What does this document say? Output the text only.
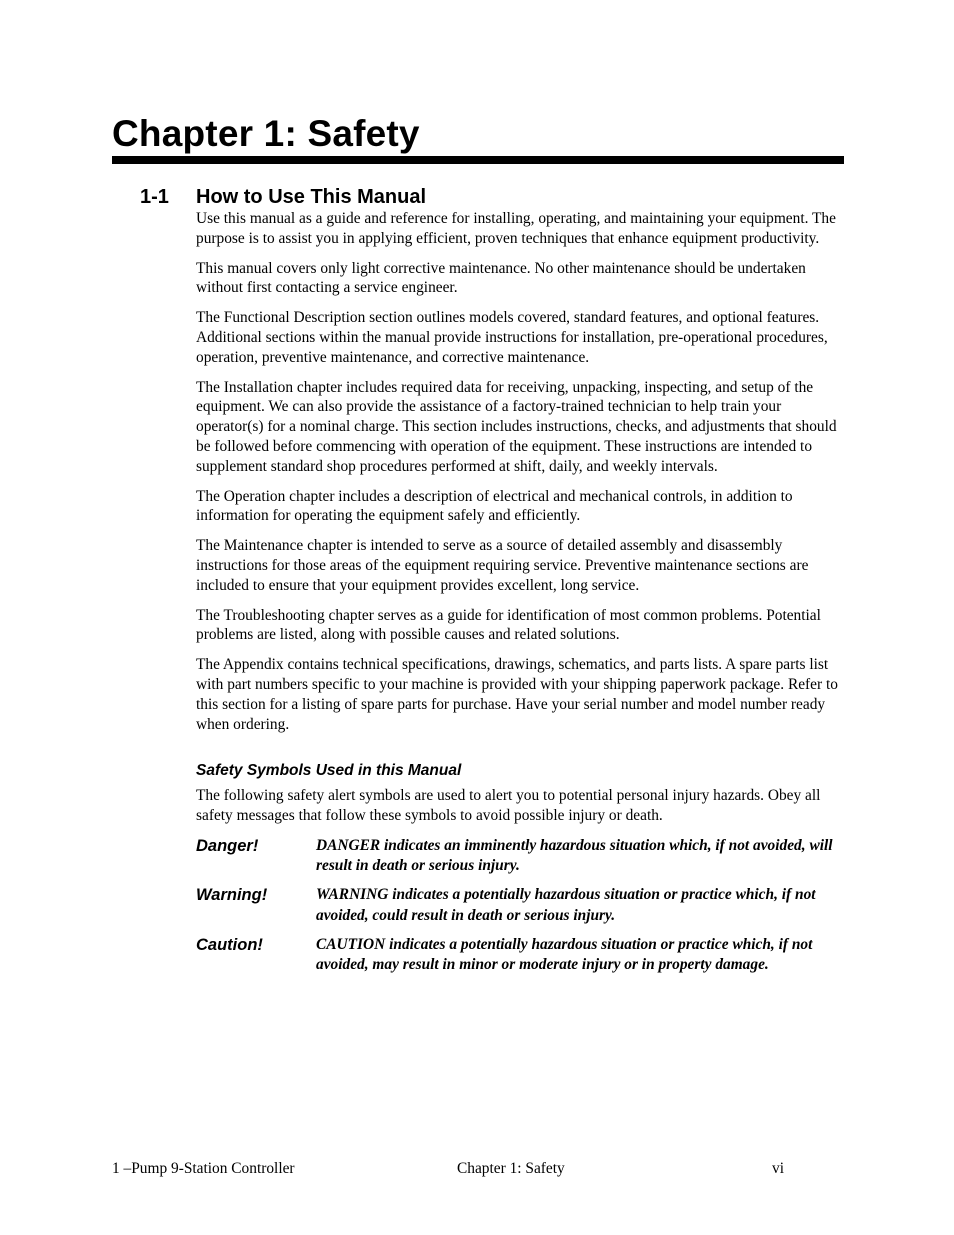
Chapter 1: Safety
1-1 How to Use This Manual

Use this manual as a guide and reference for installing, operating, and maintaining your equipment. The purpose is to assist you in applying efficient, proven techniques that enhance equipment productivity.

This manual covers only light corrective maintenance. No other maintenance should be undertaken without first contacting a service engineer.

The Functional Description section outlines models covered, standard features, and optional features. Additional sections within the manual provide instructions for installation, pre-operational procedures, operation, preventive maintenance, and corrective maintenance.

The Installation chapter includes required data for receiving, unpacking, inspecting, and setup of the equipment. We can also provide the assistance of a factory-trained technician to help train your operator(s) for a nominal charge. This section includes instructions, checks, and adjustments that should be followed before commencing with operation of the equipment. These instructions are intended to supplement standard shop procedures performed at shift, daily, and weekly intervals.

The Operation chapter includes a description of electrical and mechanical controls, in addition to information for operating the equipment safely and efficiently.

The Maintenance chapter is intended to serve as a source of detailed assembly and disassembly instructions for those areas of the equipment requiring service. Preventive maintenance sections are included to ensure that your equipment provides excellent, long service.

The Troubleshooting chapter serves as a guide for identification of most common problems. Potential problems are listed, along with possible causes and related solutions.

The Appendix contains technical specifications, drawings, schematics, and parts lists. A spare parts list with part numbers specific to your machine is provided with your shipping paperwork package. Refer to this section for a listing of spare parts for purchase. Have your serial number and model number ready when ordering.

Safety Symbols Used in this Manual

The following safety alert symbols are used to alert you to potential personal injury hazards. Obey all safety messages that follow these symbols to avoid possible injury or death.

Danger!	DANGER indicates an imminently hazardous situation which, if not avoided, will result in death or serious injury.
Warning!	WARNING indicates a potentially hazardous situation or practice which, if not avoided, could result in death or serious injury.
Caution!	CAUTION indicates a potentially hazardous situation or practice which, if not avoided, may result in minor or moderate injury or in property damage.
1 –Pump 9-Station Controller	Chapter 1: Safety	vi
